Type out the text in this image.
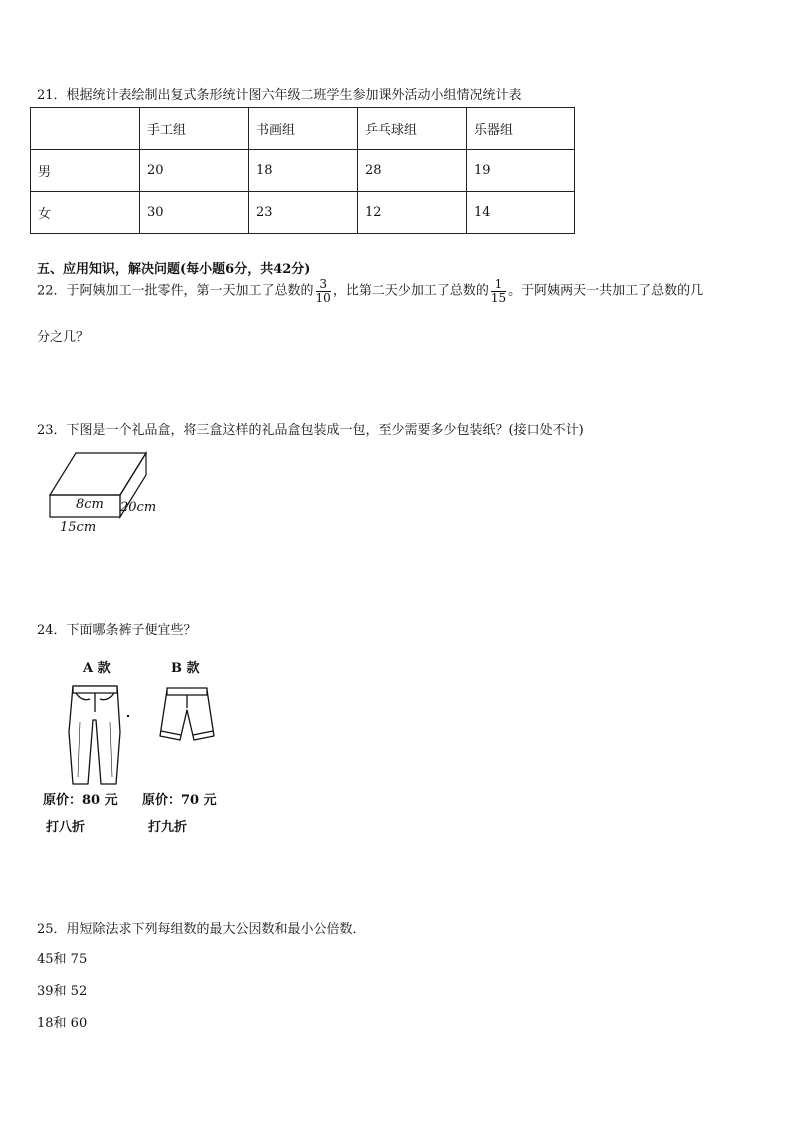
21．根据统计表绘制出复式条形统计图六年级二班学生参加课外活动小组情况统计表
	手工组	书画组	乒乓球组	乐器组
男	20	18	28	19
女	30	23	12	14
五、应用知识，解决问题(每小题6分，共42分)
22．于阿姨加工一批零件，第一天加工了总数的 $\frac{3}{10}$ ，比第二天少加工了总数的 $\frac{1}{15}$ 。于阿姨两天一共加工了总数的几
分之几？
23．下图是一个礼品盒，将三盒这样的礼品盒包装成一包，至少需要多少包装纸？(接口处不计)
8cm 20cm
15cm
24．下面哪条裤子便宜些？
A 款	B 款
原价：80 元 原价：70 元
打八折	打九折
25．用短除法求下列每组数的最大公因数和最小公倍数．
45和 75
39和 52
18和 60
